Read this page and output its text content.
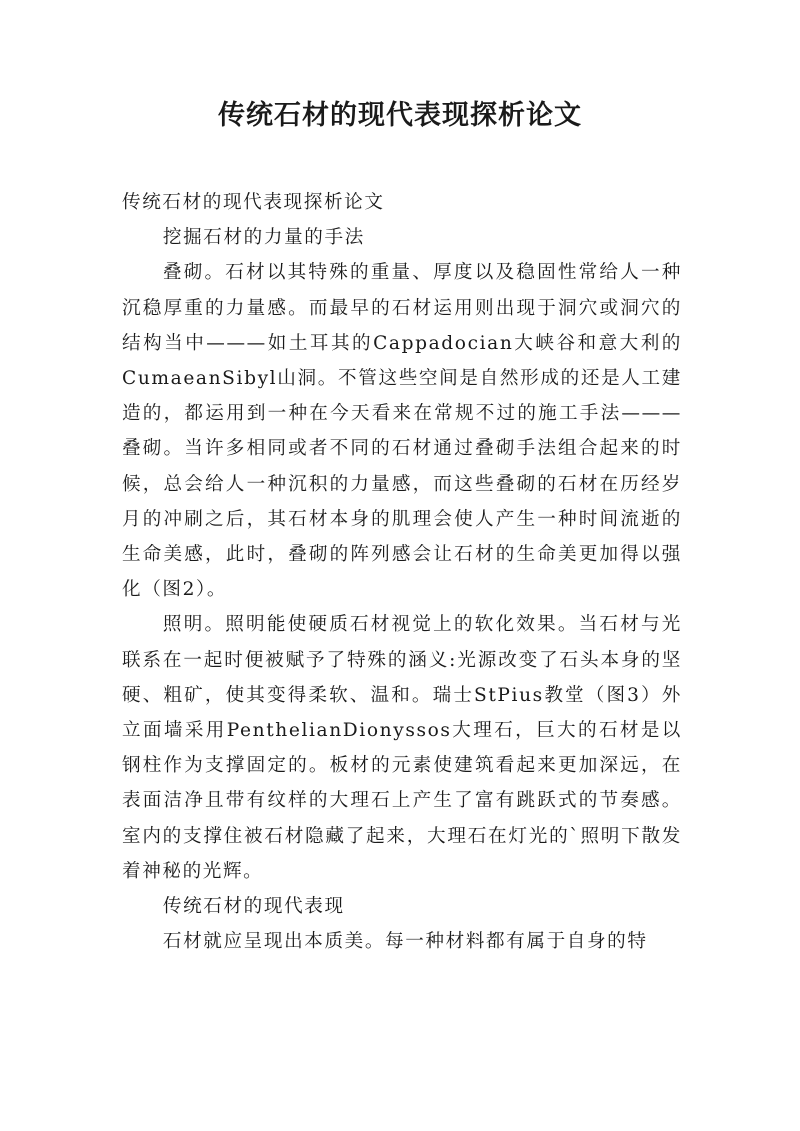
传统石材的现代表现探析论文

传统石材的现代表现探析论文

挖掘石材的力量的手法

叠砌。石材以其特殊的重量、厚度以及稳固性常给人一种沉稳厚重的力量感。而最早的石材运用则出现于洞穴或洞穴的结构当中———如土耳其的Cappadocian大峡谷和意大利的CumaeanSibyl山洞。不管这些空间是自然形成的还是人工建造的，都运用到一种在今天看来在常规不过的施工手法———叠砌。当许多相同或者不同的石材通过叠砌手法组合起来的时候，总会给人一种沉积的力量感，而这些叠砌的石材在历经岁月的冲刷之后，其石材本身的肌理会使人产生一种时间流逝的生命美感，此时，叠砌的阵列感会让石材的生命美更加得以强化（图2）。

照明。照明能使硬质石材视觉上的软化效果。当石材与光联系在一起时便被赋予了特殊的涵义:光源改变了石头本身的坚硬、粗矿，使其变得柔软、温和。瑞士StPius教堂（图3）外立面墙采用PenthelianDionyssos大理石，巨大的石材是以钢柱作为支撑固定的。板材的元素使建筑看起来更加深远，在表面洁净且带有纹样的大理石上产生了富有跳跃式的节奏感。室内的支撑住被石材隐藏了起来，大理石在灯光的`照明下散发着神秘的光辉。

传统石材的现代表现

石材就应呈现出本质美。每一种材料都有属于自身的特
